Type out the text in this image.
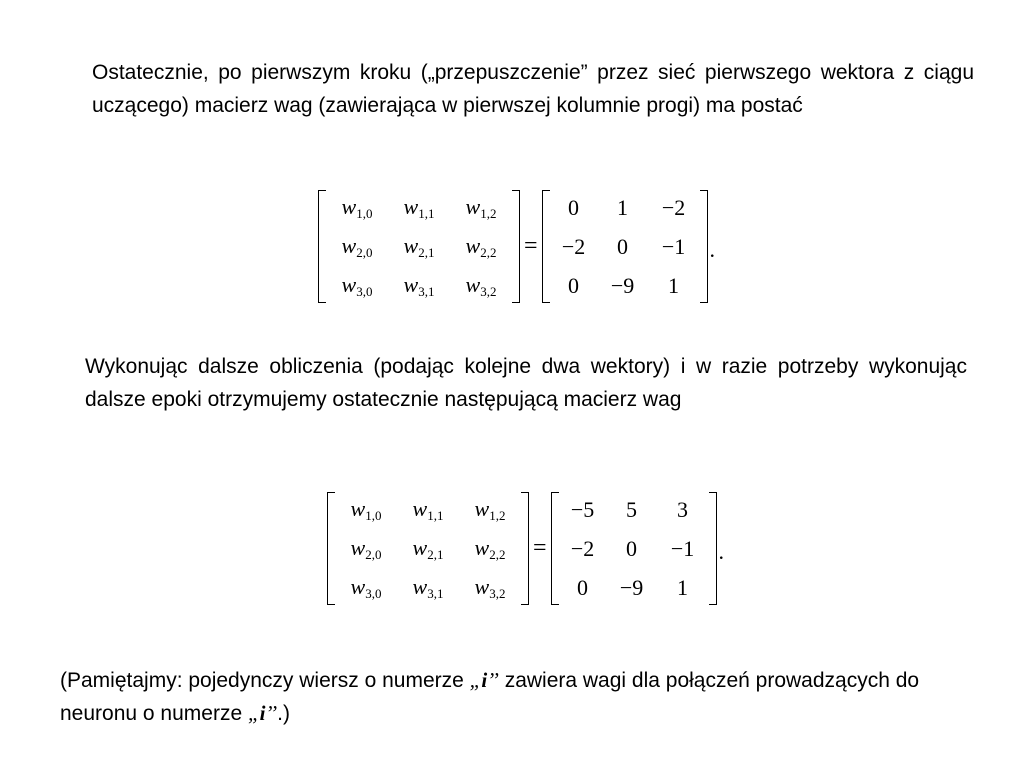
Ostatecznie, po pierwszym kroku („przepuszczenie” przez sieć pierwszego wektora z ciągu uczącego) macierz wag (zawierająca w pierwszej kolumnie progi) ma postać

$w_{1,0}$ $w_{1,1}$ $w_{1,2}$
$w_{2,0}$ $w_{2,1}$ $w_{2,2}$
$w_{3,0}$ $w_{3,1}$ $w_{3,2}$
=
0 1 −2
−2 0 −1
0 −9 1
.

Wykonując dalsze obliczenia (podając kolejne dwa wektory) i w razie potrzeby wykonując dalsze epoki otrzymujemy ostatecznie następującą macierz wag

$w_{1,0}$ $w_{1,1}$ $w_{1,2}$
$w_{2,0}$ $w_{2,1}$ $w_{2,2}$
$w_{3,0}$ $w_{3,1}$ $w_{3,2}$
=
−5 5 3
−2 0 −1
0 −9 1
.

(Pamiętajmy: pojedynczy wiersz o numerze „i’’ zawiera wagi dla połączeń prowadzących do neuronu o numerze „i’’.)
